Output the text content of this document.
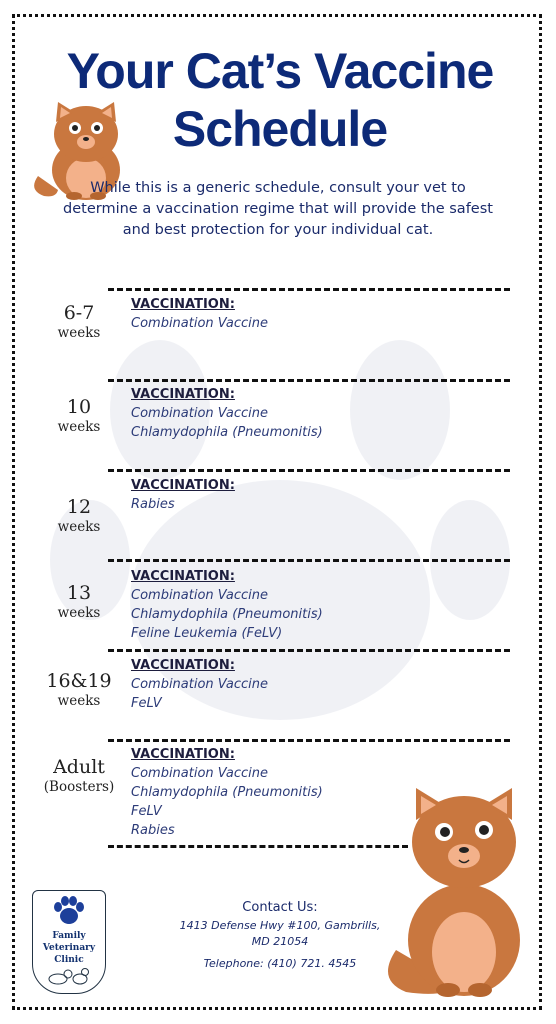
Your Cat’s Vaccine Schedule
While this is a generic schedule, consult your vet to determine a vaccination regime that will provide the safest and best protection for your individual cat.
6-7
weeks
VACCINATION:
Combination Vaccine
10
weeks
VACCINATION:
Combination Vaccine
Chlamydophila (Pneumonitis)
12
weeks
VACCINATION:
Rabies
13
weeks
VACCINATION:
Combination Vaccine
Chlamydophila (Pneumonitis)
Feline Leukemia (FeLV)
16&19
weeks
VACCINATION:
Combination Vaccine
FeLV
Adult
(Boosters)
VACCINATION:
Combination Vaccine
Chlamydophila (Pneumonitis)
FeLV
Rabies
Family
Veterinary
Clinic
Contact Us:
1413 Defense Hwy #100, Gambrills,
MD 21054
Telephone: (410) 721. 4545
